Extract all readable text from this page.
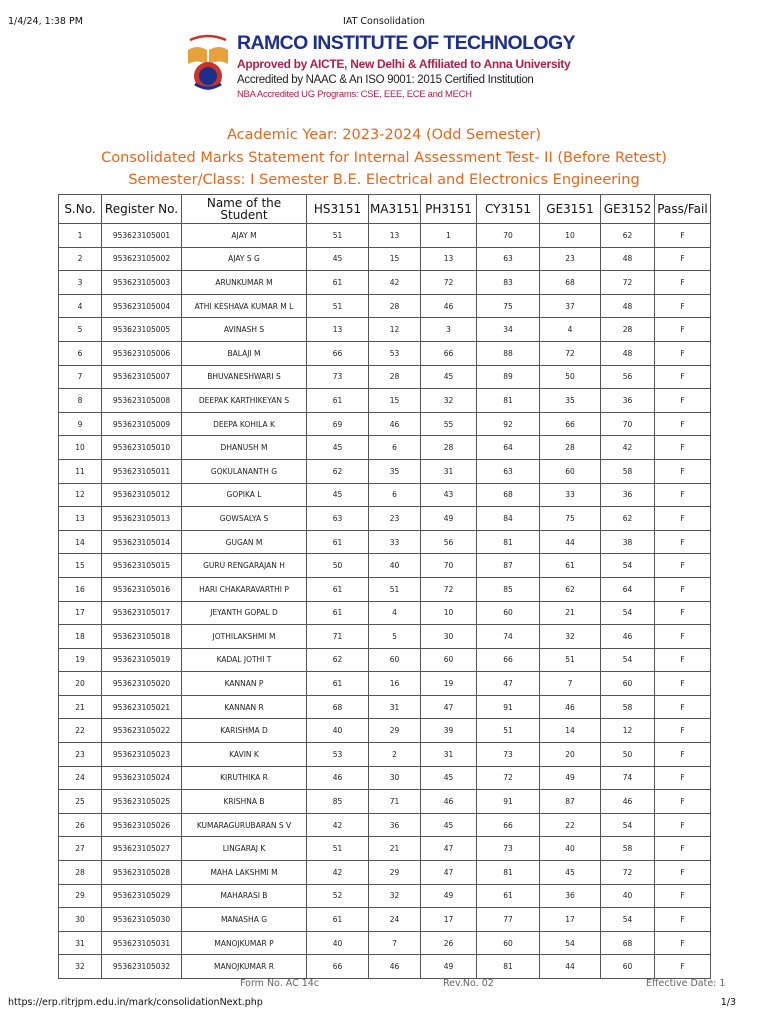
1/4/24, 1:38 PM	IAT Consolidation
RAMCO INSTITUTE OF TECHNOLOGY
Approved by AICTE, New Delhi & Affiliated to Anna University
Accredited by NAAC & An ISO 9001: 2015 Certified Institution
NBA Accredited UG Programs: CSE, EEE, ECE and MECH
Academic Year: 2023-2024 (Odd Semester)
Consolidated Marks Statement for Internal Assessment Test- II (Before Retest)
Semester/Class: I Semester B.E. Electrical and Electronics Engineering
S.No.	Register No.	Name of the Student	HS3151	MA3151	PH3151	CY3151	GE3151	GE3152	Pass/Fail
1	953623105001	AJAY M	51	13	1	70	10	62	F
2	953623105002	AJAY S G	45	15	13	63	23	48	F
3	953623105003	ARUNKUMAR M	61	42	72	83	68	72	F
4	953623105004	ATHI KESHAVA KUMAR M L	51	28	46	75	37	48	F
5	953623105005	AVINASH S	13	12	3	34	4	28	F
6	953623105006	BALAJI M	66	53	66	88	72	48	F
7	953623105007	BHUVANESHWARI S	73	28	45	89	50	56	F
8	953623105008	DEEPAK KARTHIKEYAN S	61	15	32	81	35	36	F
9	953623105009	DEEPA KOHILA K	69	46	55	92	66	70	F
10	953623105010	DHANUSH M	45	6	28	64	28	42	F
11	953623105011	GOKULANANTH G	62	35	31	63	60	58	F
12	953623105012	GOPIKA L	45	6	43	68	33	36	F
13	953623105013	GOWSALYA S	63	23	49	84	75	62	F
14	953623105014	GUGAN M	61	33	56	81	44	38	F
15	953623105015	GURU RENGARAJAN H	50	40	70	87	61	54	F
16	953623105016	HARI CHAKARAVARTHI P	61	51	72	85	62	64	F
17	953623105017	JEYANTH GOPAL D	61	4	10	60	21	54	F
18	953623105018	JOTHILAKSHMI M	71	5	30	74	32	46	F
19	953623105019	KADAL JOTHI T	62	60	60	66	51	54	F
20	953623105020	KANNAN P	61	16	19	47	7	60	F
21	953623105021	KANNAN R	68	31	47	91	46	58	F
22	953623105022	KARISHMA D	40	29	39	51	14	12	F
23	953623105023	KAVIN K	53	2	31	73	20	50	F
24	953623105024	KIRUTHIKA R	46	30	45	72	49	74	F
25	953623105025	KRISHNA B	85	71	46	91	87	46	F
26	953623105026	KUMARAGURUBARAN S V	42	36	45	66	22	54	F
27	953623105027	LINGARAJ K	51	21	47	73	40	58	F
28	953623105028	MAHA LAKSHMI M	42	29	47	81	45	72	F
29	953623105029	MAHARASI B	52	32	49	61	36	40	F
30	953623105030	MANASHA G	61	24	17	77	17	54	F
31	953623105031	MANOJKUMAR P	40	7	26	60	54	68	F
32	953623105032	MANOJKUMAR R	66	46	49	81	44	60	F
Form No. AC 14c	Rev.No. 02	Effective Date: 1
https://erp.ritrjpm.edu.in/mark/consolidationNext.php	1/3
